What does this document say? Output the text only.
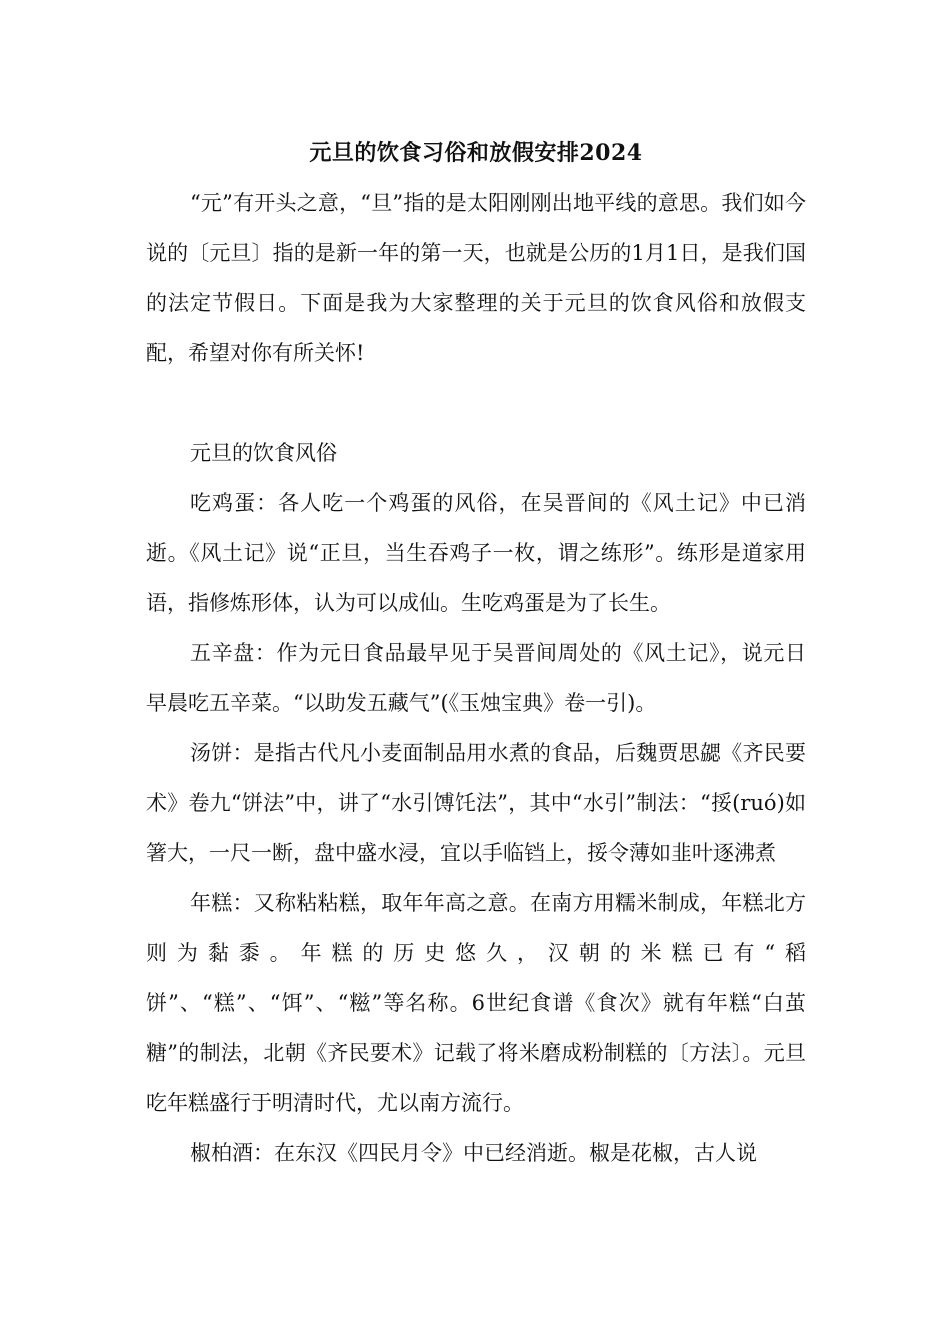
元旦的饮食习俗和放假安排2024

“元”有开头之意，“旦”指的是太阳刚刚出地平线的意思。我们如今说的〔元旦〕指的是新一年的第一天，也就是公历的1月1日，是我们国的法定节假日。下面是我为大家整理的关于元旦的饮食风俗和放假支配，希望对你有所关怀!

元旦的饮食风俗

吃鸡蛋：各人吃一个鸡蛋的风俗，在吴晋间的《风土记》中已消逝。《风土记》说“正旦，当生吞鸡子一枚，谓之练形”。练形是道家用语，指修炼形体，认为可以成仙。生吃鸡蛋是为了长生。

五辛盘：作为元日食品最早见于吴晋间周处的《风土记》，说元日早晨吃五辛菜。“以助发五藏气”(《玉烛宝典》卷一引)。

汤饼：是指古代凡小麦面制品用水煮的食品，后魏贾思勰《齐民要术》卷九“饼法”中，讲了“水引馎饦法”，其中“水引”制法：“挼(ruó)如箸大，一尺一断，盘中盛水浸，宜以手临铛上，挼令薄如韭叶逐沸煮

年糕：又称粘粘糕，取年年高之意。在南方用糯米制成，年糕北方则为黏黍。年糕的历史悠久，汉朝的米糕已有“稻饼”、“糕”、“饵”、“糍”等名称。6世纪食谱《食次》就有年糕“白茧糖”的制法，北朝《齐民要术》记载了将米磨成粉制糕的〔方法〕。元旦吃年糕盛行于明清时代，尤以南方流行。

椒柏酒：在东汉《四民月令》中已经消逝。椒是花椒，古人说
